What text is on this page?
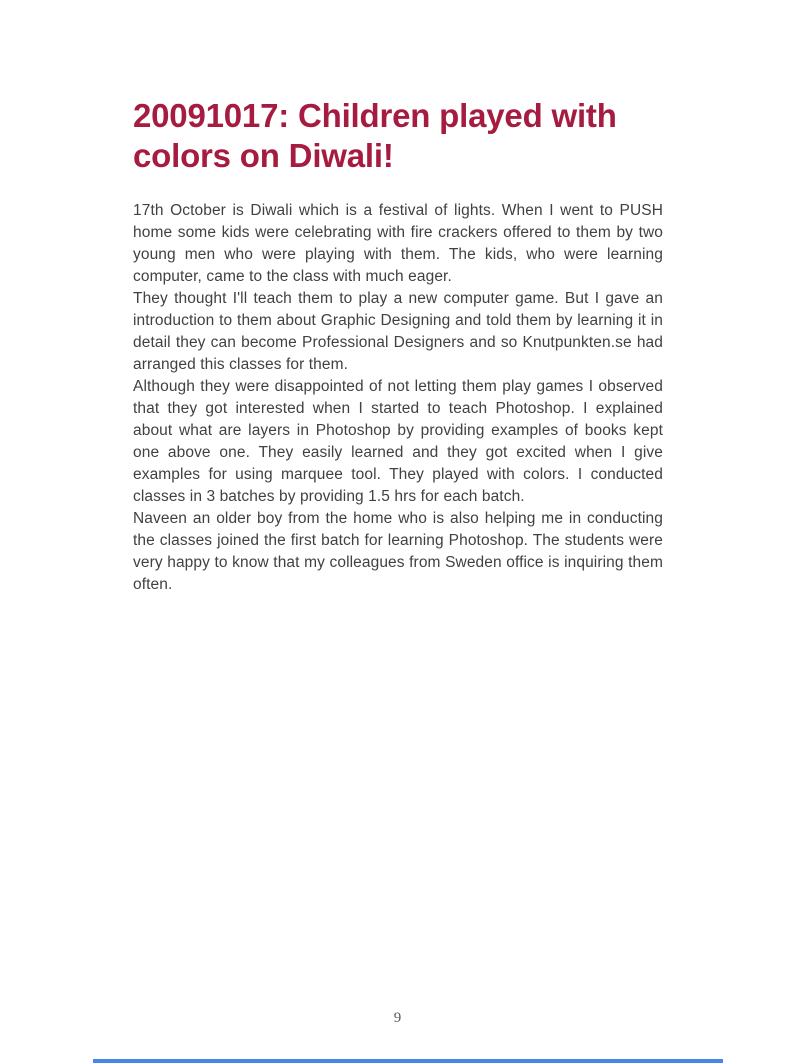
20091017: Children played with colors on Diwali!

17th October is Diwali which is a festival of lights. When I went to PUSH home some kids were celebrating with fire crackers offered to them by two young men who were playing with them. The kids, who were learning computer, came to the class with much eager.

They thought I'll teach them to play a new computer game. But I gave an introduction to them about Graphic Designing and told them by learning it in detail they can become Professional Designers and so Knutpunkten.se had arranged this classes for them.

Although they were disappointed of not letting them play games I observed that they got interested when I started to teach Photoshop. I explained about what are layers in Photoshop by providing examples of books kept one above one. They easily learned and they got excited when I give examples for using marquee tool. They played with colors. I conducted classes in 3 batches by providing 1.5 hrs for each batch.

Naveen an older boy from the home who is also helping me in conducting the classes joined the first batch for learning Photoshop. The students were very happy to know that my colleagues from Sweden office is inquiring them often.

9
